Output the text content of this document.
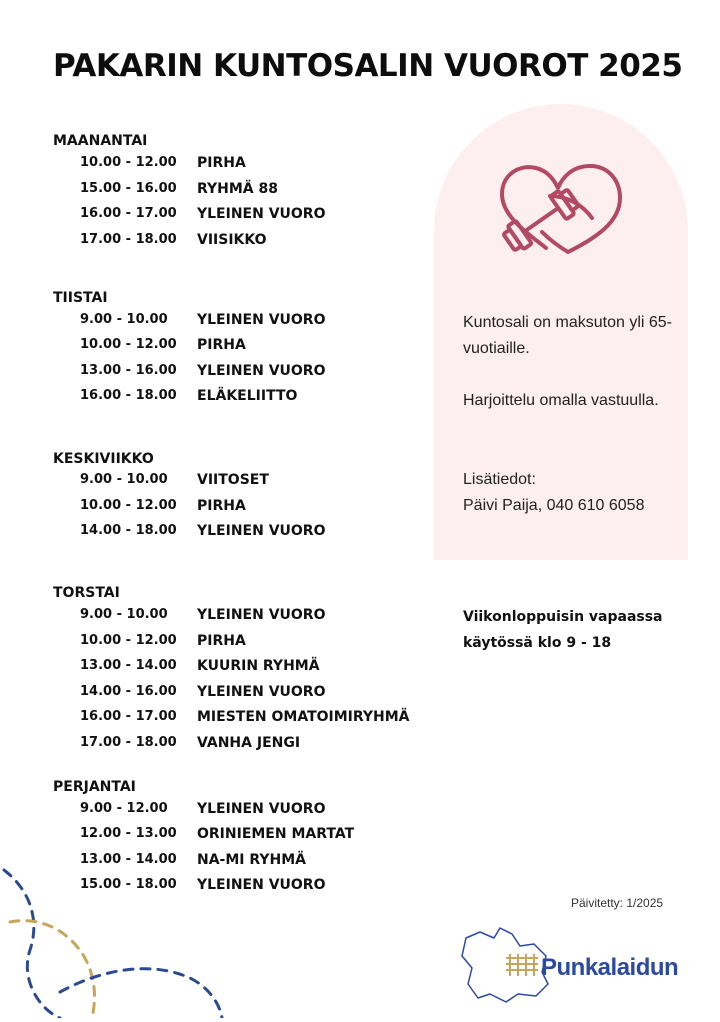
PAKARIN KUNTOSALIN VUOROT 2025
MAANANTAI
10.00 - 12.00 PIRHA
15.00 - 16.00 RYHMÄ 88
16.00 - 17.00 YLEINEN VUORO
17.00 - 18.00 VIISIKKO
TIISTAI
9.00 - 10.00 YLEINEN VUORO
10.00 - 12.00 PIRHA
13.00 - 16.00 YLEINEN VUORO
16.00 - 18.00 ELÄKELIITTO
KESKIVIIKKO
9.00 - 10.00 VIITOSET
10.00 - 12.00 PIRHA
14.00 - 18.00 YLEINEN VUORO
TORSTAI
9.00 - 10.00 YLEINEN VUORO
10.00 - 12.00 PIRHA
13.00 - 14.00 KUURIN RYHMÄ
14.00 - 16.00 YLEINEN VUORO
16.00 - 17.00 MIESTEN OMATOIMIRYHMÄ
17.00 - 18.00 VANHA JENGI
PERJANTAI
9.00 - 12.00 YLEINEN VUORO
12.00 - 13.00 ORINIEMEN MARTAT
13.00 - 14.00 NA-MI RYHMÄ
15.00 - 18.00 YLEINEN VUORO
Kuntosali on maksuton yli 65-vuotiaille.
Harjoittelu omalla vastuulla.
Lisätiedot:
Päivi Paija, 040 610 6058
Viikonloppuisin vapaassa käytössä klo 9 - 18
Päivitetty: 1/2025
Punkalaidun
